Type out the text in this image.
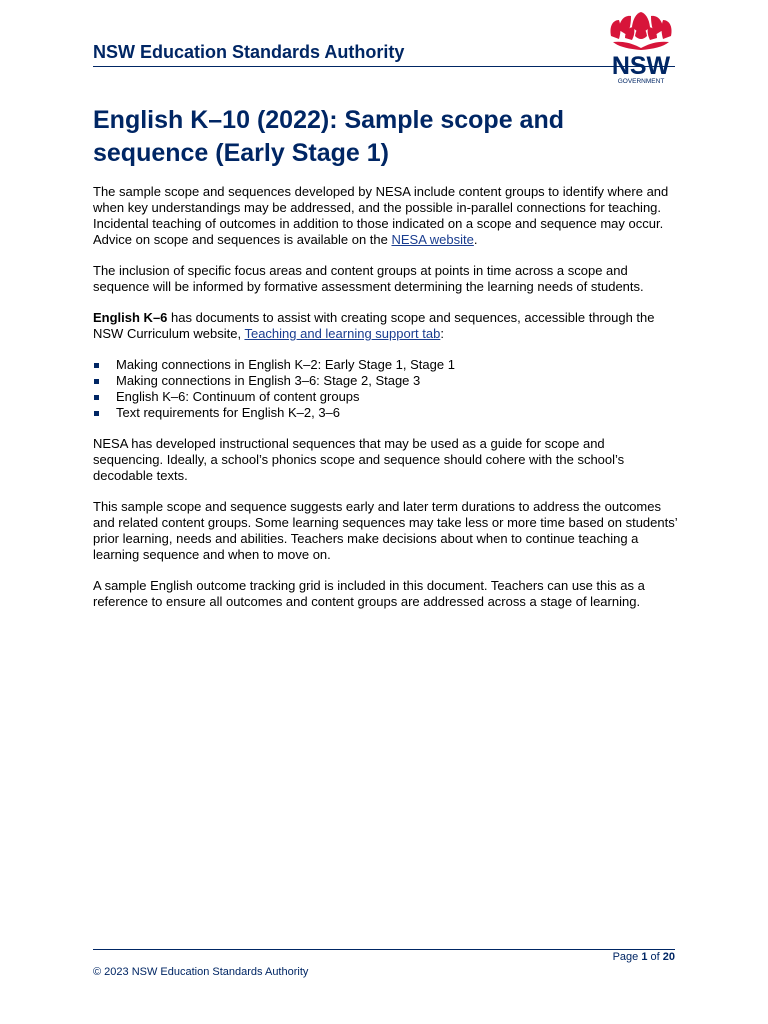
NSW Education Standards Authority	NSW
GOVERNMENT
English K–10 (2022): Sample scope and sequence (Early Stage 1)

The sample scope and sequences developed by NESA include content groups to identify where and when key understandings may be addressed, and the possible in-parallel connections for teaching. Incidental teaching of outcomes in addition to those indicated on a scope and sequence may occur. Advice on scope and sequences is available on the NESA website.

The inclusion of specific focus areas and content groups at points in time across a scope and sequence will be informed by formative assessment determining the learning needs of students.

English K–6 has documents to assist with creating scope and sequences, accessible through the NSW Curriculum website, Teaching and learning support tab:

Making connections in English K–2: Early Stage 1, Stage 1
Making connections in English 3–6: Stage 2, Stage 3
English K–6: Continuum of content groups
Text requirements for English K–2, 3–6

NESA has developed instructional sequences that may be used as a guide for scope and sequencing. Ideally, a school’s phonics scope and sequence should cohere with the school’s decodable texts.

This sample scope and sequence suggests early and later term durations to address the outcomes and related content groups. Some learning sequences may take less or more time based on students’ prior learning, needs and abilities. Teachers make decisions about when to continue teaching a learning sequence and when to move on.

A sample English outcome tracking grid is included in this document. Teachers can use this as a reference to ensure all outcomes and content groups are addressed across a stage of learning.

Page 1 of 20
© 2023 NSW Education Standards Authority
